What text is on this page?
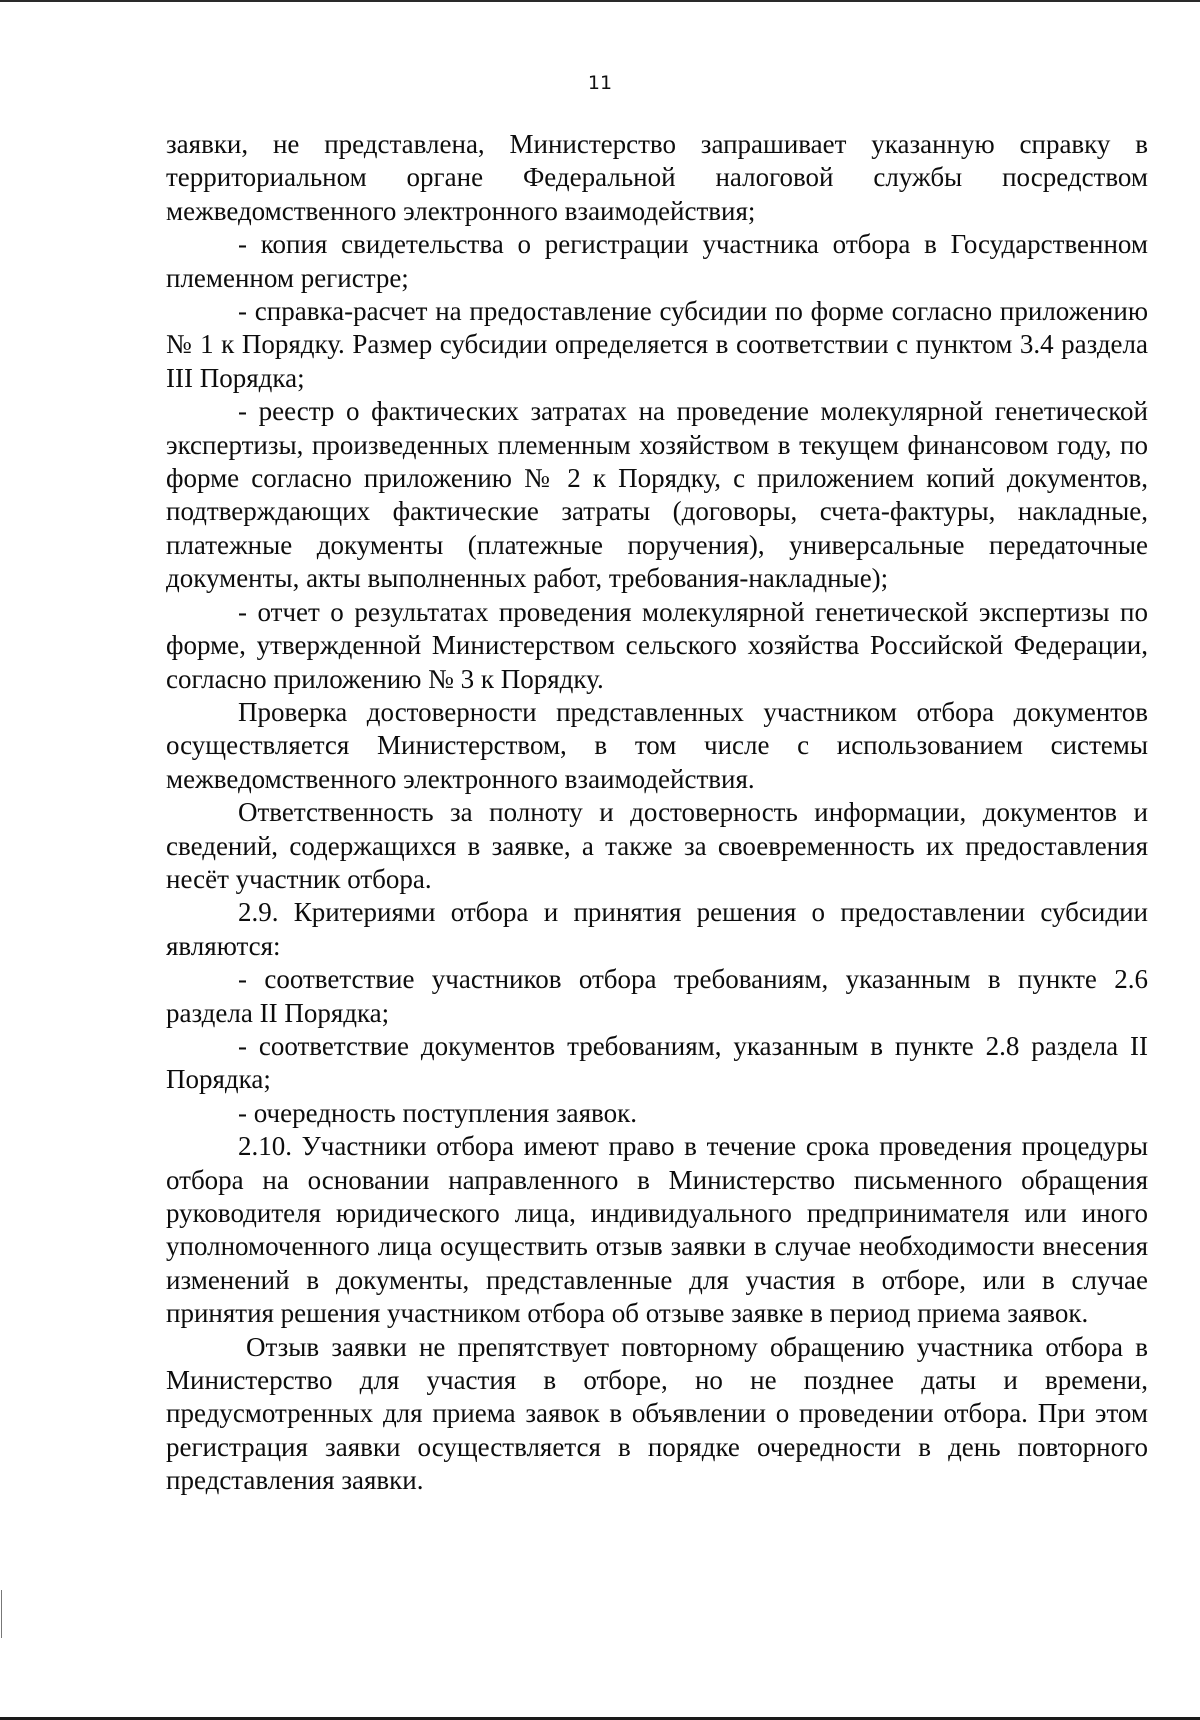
11

заявки, не представлена, Министерство запрашивает указанную справку в территориальном органе Федеральной налоговой службы посредством межведомственного электронного взаимодействия;

- копия свидетельства о регистрации участника отбора в Государственном племенном регистре;

- справка-расчет на предоставление субсидии по форме согласно приложению № 1 к Порядку. Размер субсидии определяется в соответствии с пунктом 3.4 раздела III Порядка;

- реестр о фактических затратах на проведение молекулярной генетической экспертизы, произведенных племенным хозяйством в текущем финансовом году, по форме согласно приложению № 2 к Порядку, с приложением копий документов, подтверждающих фактические затраты (договоры, счета-фактуры, накладные, платежные документы (платежные поручения), универсальные передаточные документы, акты выполненных работ, требования-накладные);

- отчет о результатах проведения молекулярной генетической экспертизы по форме, утвержденной Министерством сельского хозяйства Российской Федерации, согласно приложению № 3 к Порядку.

Проверка достоверности представленных участником отбора документов осуществляется Министерством, в том числе с использованием системы межведомственного электронного взаимодействия.

Ответственность за полноту и достоверность информации, документов и сведений, содержащихся в заявке, а также за своевременность их предоставления несёт участник отбора.

2.9. Критериями отбора и принятия решения о предоставлении субсидии являются:

- соответствие участников отбора требованиям, указанным в пункте 2.6 раздела II Порядка;

- соответствие документов требованиям, указанным в пункте 2.8 раздела II Порядка;

- очередность поступления заявок.

2.10. Участники отбора имеют право в течение срока проведения процедуры отбора на основании направленного в Министерство письменного обращения руководителя юридического лица, индивидуального предпринимателя или иного уполномоченного лица осуществить отзыв заявки в случае необходимости внесения изменений в документы, представленные для участия в отборе, или в случае принятия решения участником отбора об отзыве заявке в период приема заявок.

Отзыв заявки не препятствует повторному обращению участника отбора в Министерство для участия в отборе, но не позднее даты и времени, предусмотренных для приема заявок в объявлении о проведении отбора. При этом регистрация заявки осуществляется в порядке очередности в день повторного представления заявки.
